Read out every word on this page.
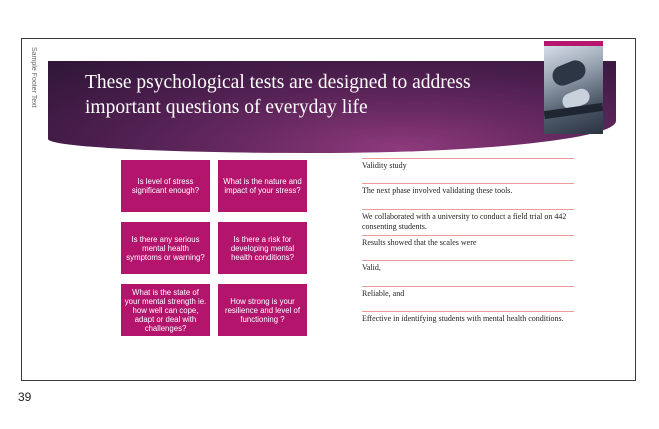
These psychological tests are designed to address important questions of everyday life
Is level of stress significant enough?
What is the nature and impact of your stress?
Is there any serious mental health symptoms or warning?
Is there a risk for developing mental health conditions?
What is the state of your mental strength ie. how well can cope, adapt or deal with challenges?
How strong is your resilience and level of functioning ?
Validity study
The next phase involved validating these tools.
We collaborated with a university to conduct a field trial on 442 consenting students.
Results showed that the scales were
Valid,
Reliable, and
Effective in identifying students with mental health conditions.
Sample Footer Text
39
